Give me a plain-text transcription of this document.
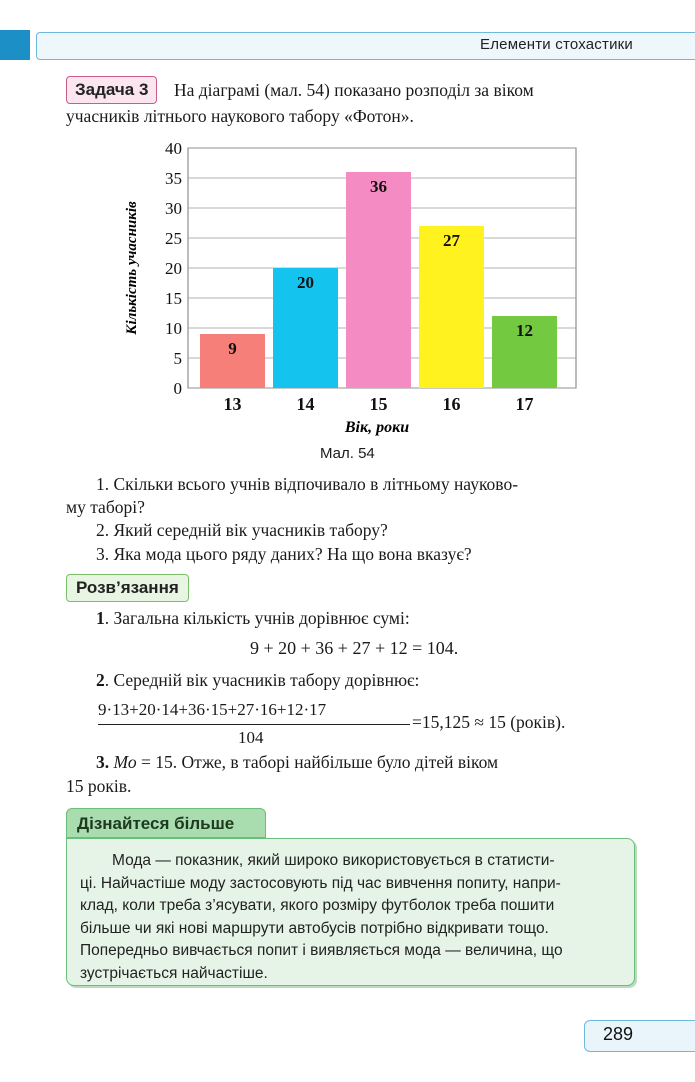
Елементи стохастики
Задача 3	На діаграмі (мал. 54) показано розподіл за віком
учасників літнього наукового табору «Фотон».
9
20
36
27
12
0
5
10
15
20
25
30
35
40
13	14	15	16	17
Кількість учасників
Вік, роки
Мал. 54
1. Скільки всього учнів відпочивало в літньому науково-
му таборі?
2. Який середній вік учасників табору?
3. Яка мода цього ряду даних? На що вона вказує?
Розв’язання
1. Загальна кількість учнів дорівнює сумі:
9 + 20 + 36 + 27 + 12 = 104.
2. Середній вік учасників табору дорівнює:
9·13+20·14+36·15+27·16+12·17
104
=15,125 ≈ 15 (років).
3. Мо = 15. Отже, в таборі найбільше було дітей віком
15 років.
Дізнайтеся більше
Мода — показник, який широко використовується в статисти-
ці. Найчастіше моду застосовують під час вивчення попиту, напри-
клад, коли треба з’ясувати, якого розміру футболок треба пошити
більше чи які нові маршрути автобусів потрібно відкривати тощо.
Попередньо вивчається попит і виявляється мода — величина, що
зустрічається найчастіше.
289
